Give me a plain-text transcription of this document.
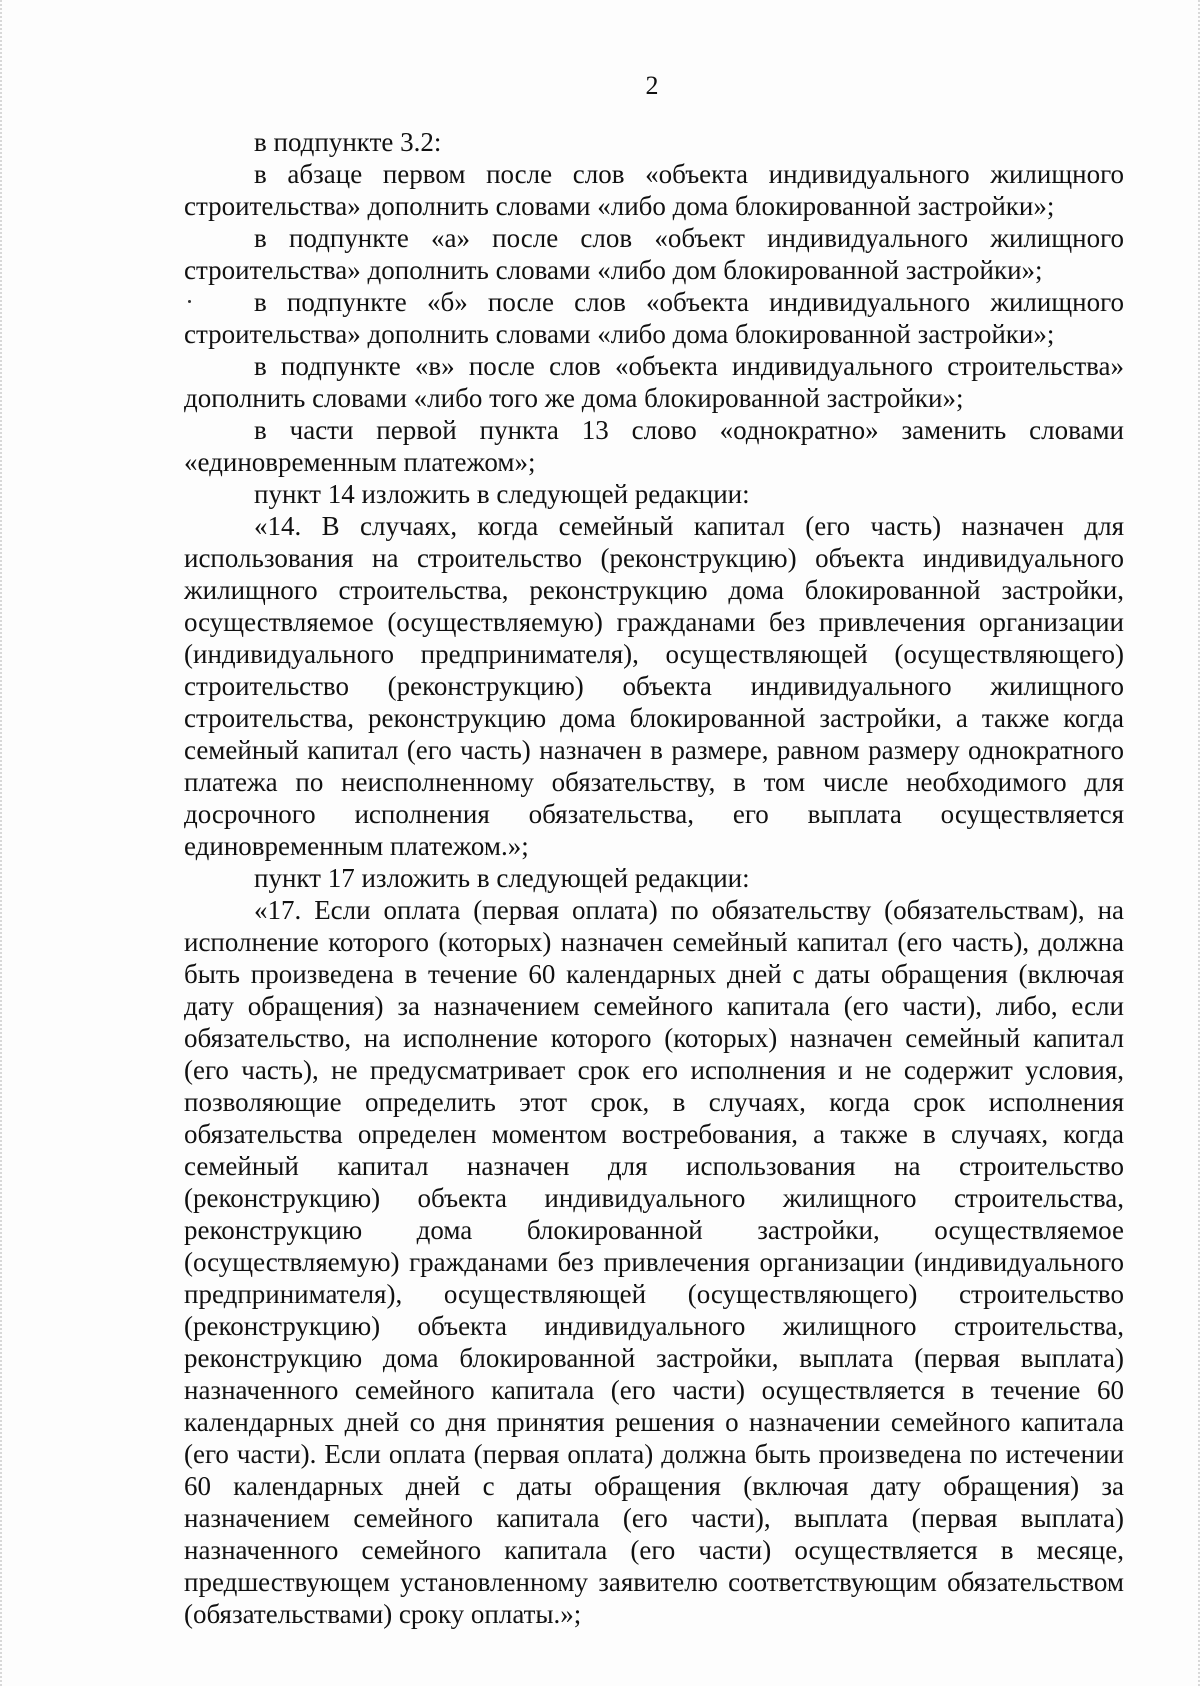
2

в подпункте 3.2:

в абзаце первом после слов «объекта индивидуального жилищного строительства» дополнить словами «либо дома блокированной застройки»;

в подпункте «а» после слов «объект индивидуального жилищного строительства» дополнить словами «либо дом блокированной застройки»;

в подпункте «б» после слов «объекта индивидуального жилищного строительства» дополнить словами «либо дома блокированной застройки»;

в подпункте «в» после слов «объекта индивидуального строительства» дополнить словами «либо того же дома блокированной застройки»;

в части первой пункта 13 слово «однократно» заменить словами «единовременным платежом»;

пункт 14 изложить в следующей редакции:

«14. В случаях, когда семейный капитал (его часть) назначен для использования на строительство (реконструкцию) объекта индивидуального жилищного строительства, реконструкцию дома блокированной застройки, осуществляемое (осуществляемую) гражданами без привлечения организации (индивидуального предпринимателя), осуществляющей (осуществляющего) строительство (реконструкцию) объекта индивидуального жилищного строительства, реконструкцию дома блокированной застройки, а также когда семейный капитал (его часть) назначен в размере, равном размеру однократного платежа по неисполненному обязательству, в том числе необходимого для досрочного исполнения обязательства, его выплата осуществляется единовременным платежом.»;

пункт 17 изложить в следующей редакции:

«17. Если оплата (первая оплата) по обязательству (обязательствам), на исполнение которого (которых) назначен семейный капитал (его часть), должна быть произведена в течение 60 календарных дней с даты обращения (включая дату обращения) за назначением семейного капитала (его части), либо, если обязательство, на исполнение которого (которых) назначен семейный капитал (его часть), не предусматривает срок его исполнения и не содержит условия, позволяющие определить этот срок, в случаях, когда срок исполнения обязательства определен моментом востребования, а также в случаях, когда семейный капитал назначен для использования на строительство (реконструкцию) объекта индивидуального жилищного строительства, реконструкцию дома блокированной застройки, осуществляемое (осуществляемую) гражданами без привлечения организации (индивидуального предпринимателя), осуществляющей (осуществляющего) строительство (реконструкцию) объекта индивидуального жилищного строительства, реконструкцию дома блокированной застройки, выплата (первая выплата) назначенного семейного капитала (его части) осуществляется в течение 60 календарных дней со дня принятия решения о назначении семейного капитала (его части). Если оплата (первая оплата) должна быть произведена по истечении 60 календарных дней с даты обращения (включая дату обращения) за назначением семейного капитала (его части), выплата (первая выплата) назначенного семейного капитала (его части) осуществляется в месяце, предшествующем установленному заявителю соответствующим обязательством (обязательствами) сроку оплаты.»;
